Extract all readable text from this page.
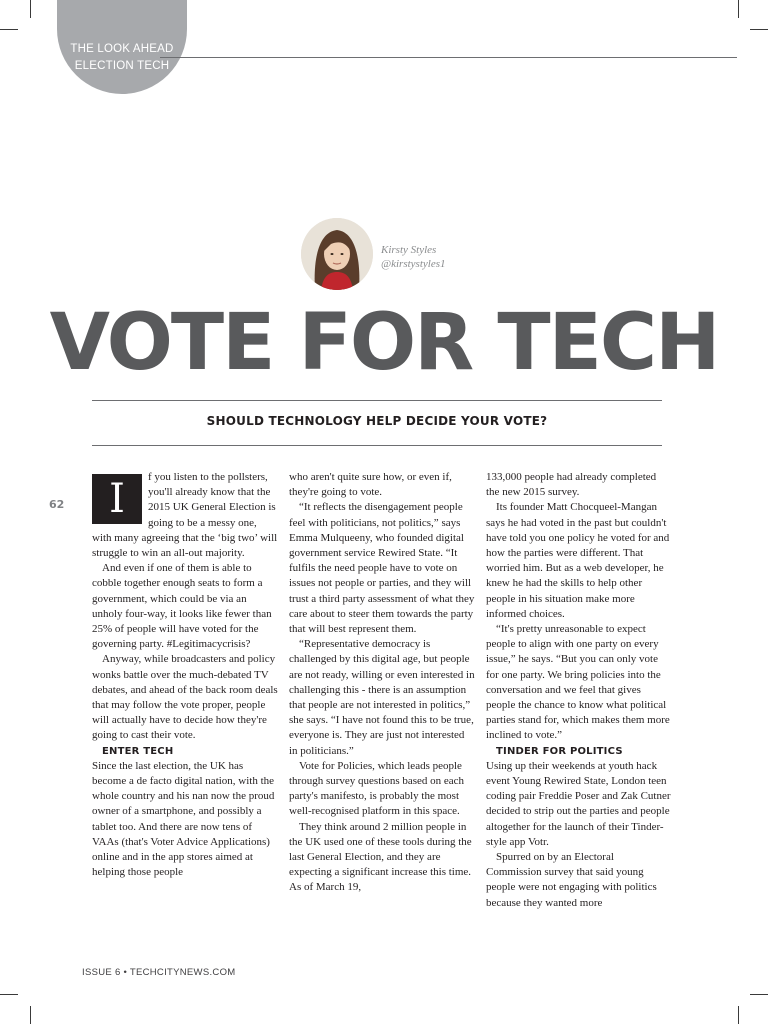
THE LOOK AHEAD
ELECTION TECH
Kirsty Styles
@kirstystyles1
VOTE FOR TECH
SHOULD TECHNOLOGY HELP DECIDE YOUR VOTE?
62	I	f you listen to the pollsters, you'll already know that the 2015 UK General Election is going to be a messy one, with many agreeing that the ‘big two’ will struggle to win an all-out majority.

And even if one of them is able to cobble together enough seats to form a government, which could be via an unholy four-way, it looks like fewer than 25% of people will have voted for the governing party. #Legitimacycrisis?

Anyway, while broadcasters and policy wonks battle over the much-debated TV debates, and ahead of the back room deals that may follow the vote proper, people will actually have to decide how they're going to cast their vote.

ENTER TECH

Since the last election, the UK has become a de facto digital nation, with the whole country and his nan now the proud owner of a smartphone, and possibly a tablet too. And there are now tens of VAAs (that's Voter Advice Applications) online and in the app stores aimed at helping those people

who aren't quite sure how, or even if, they're going to vote.

“It reflects the disengagement people feel with politicians, not politics,” says Emma Mulqueeny, who founded digital government service Rewired State. “It fulfils the need people have to vote on issues not people or parties, and they will trust a third party assessment of what they care about to steer them towards the party that will best represent them.

“Representative democracy is challenged by this digital age, but people are not ready, willing or even interested in challenging this - there is an assumption that people are not interested in politics,” she says. “I have not found this to be true, everyone is. They are just not interested in politicians.”

Vote for Policies, which leads people through survey questions based on each party's manifesto, is probably the most well-recognised platform in this space.

They think around 2 million people in the UK used one of these tools during the last General Election, and they are expecting a significant increase this time. As of March 19,

133,000 people had already completed the new 2015 survey.

Its founder Matt Chocqueel-Mangan says he had voted in the past but couldn't have told you one policy he voted for and how the parties were different. That worried him. But as a web developer, he knew he had the skills to help other people in his situation make more informed choices.

“It's pretty unreasonable to expect people to align with one party on every issue,” he says. “But you can only vote for one party. We bring policies into the conversation and we feel that gives people the chance to know what political parties stand for, which makes them more inclined to vote.”

TINDER FOR POLITICS

Using up their weekends at youth hack event Young Rewired State, London teen coding pair Freddie Poser and Zak Cutner decided to strip out the parties and people altogether for the launch of their Tinder-style app Votr.

Spurred on by an Electoral Commission survey that said young people were not engaging with politics because they wanted more

ISSUE 6 • TECHCITYNEWS.COM
